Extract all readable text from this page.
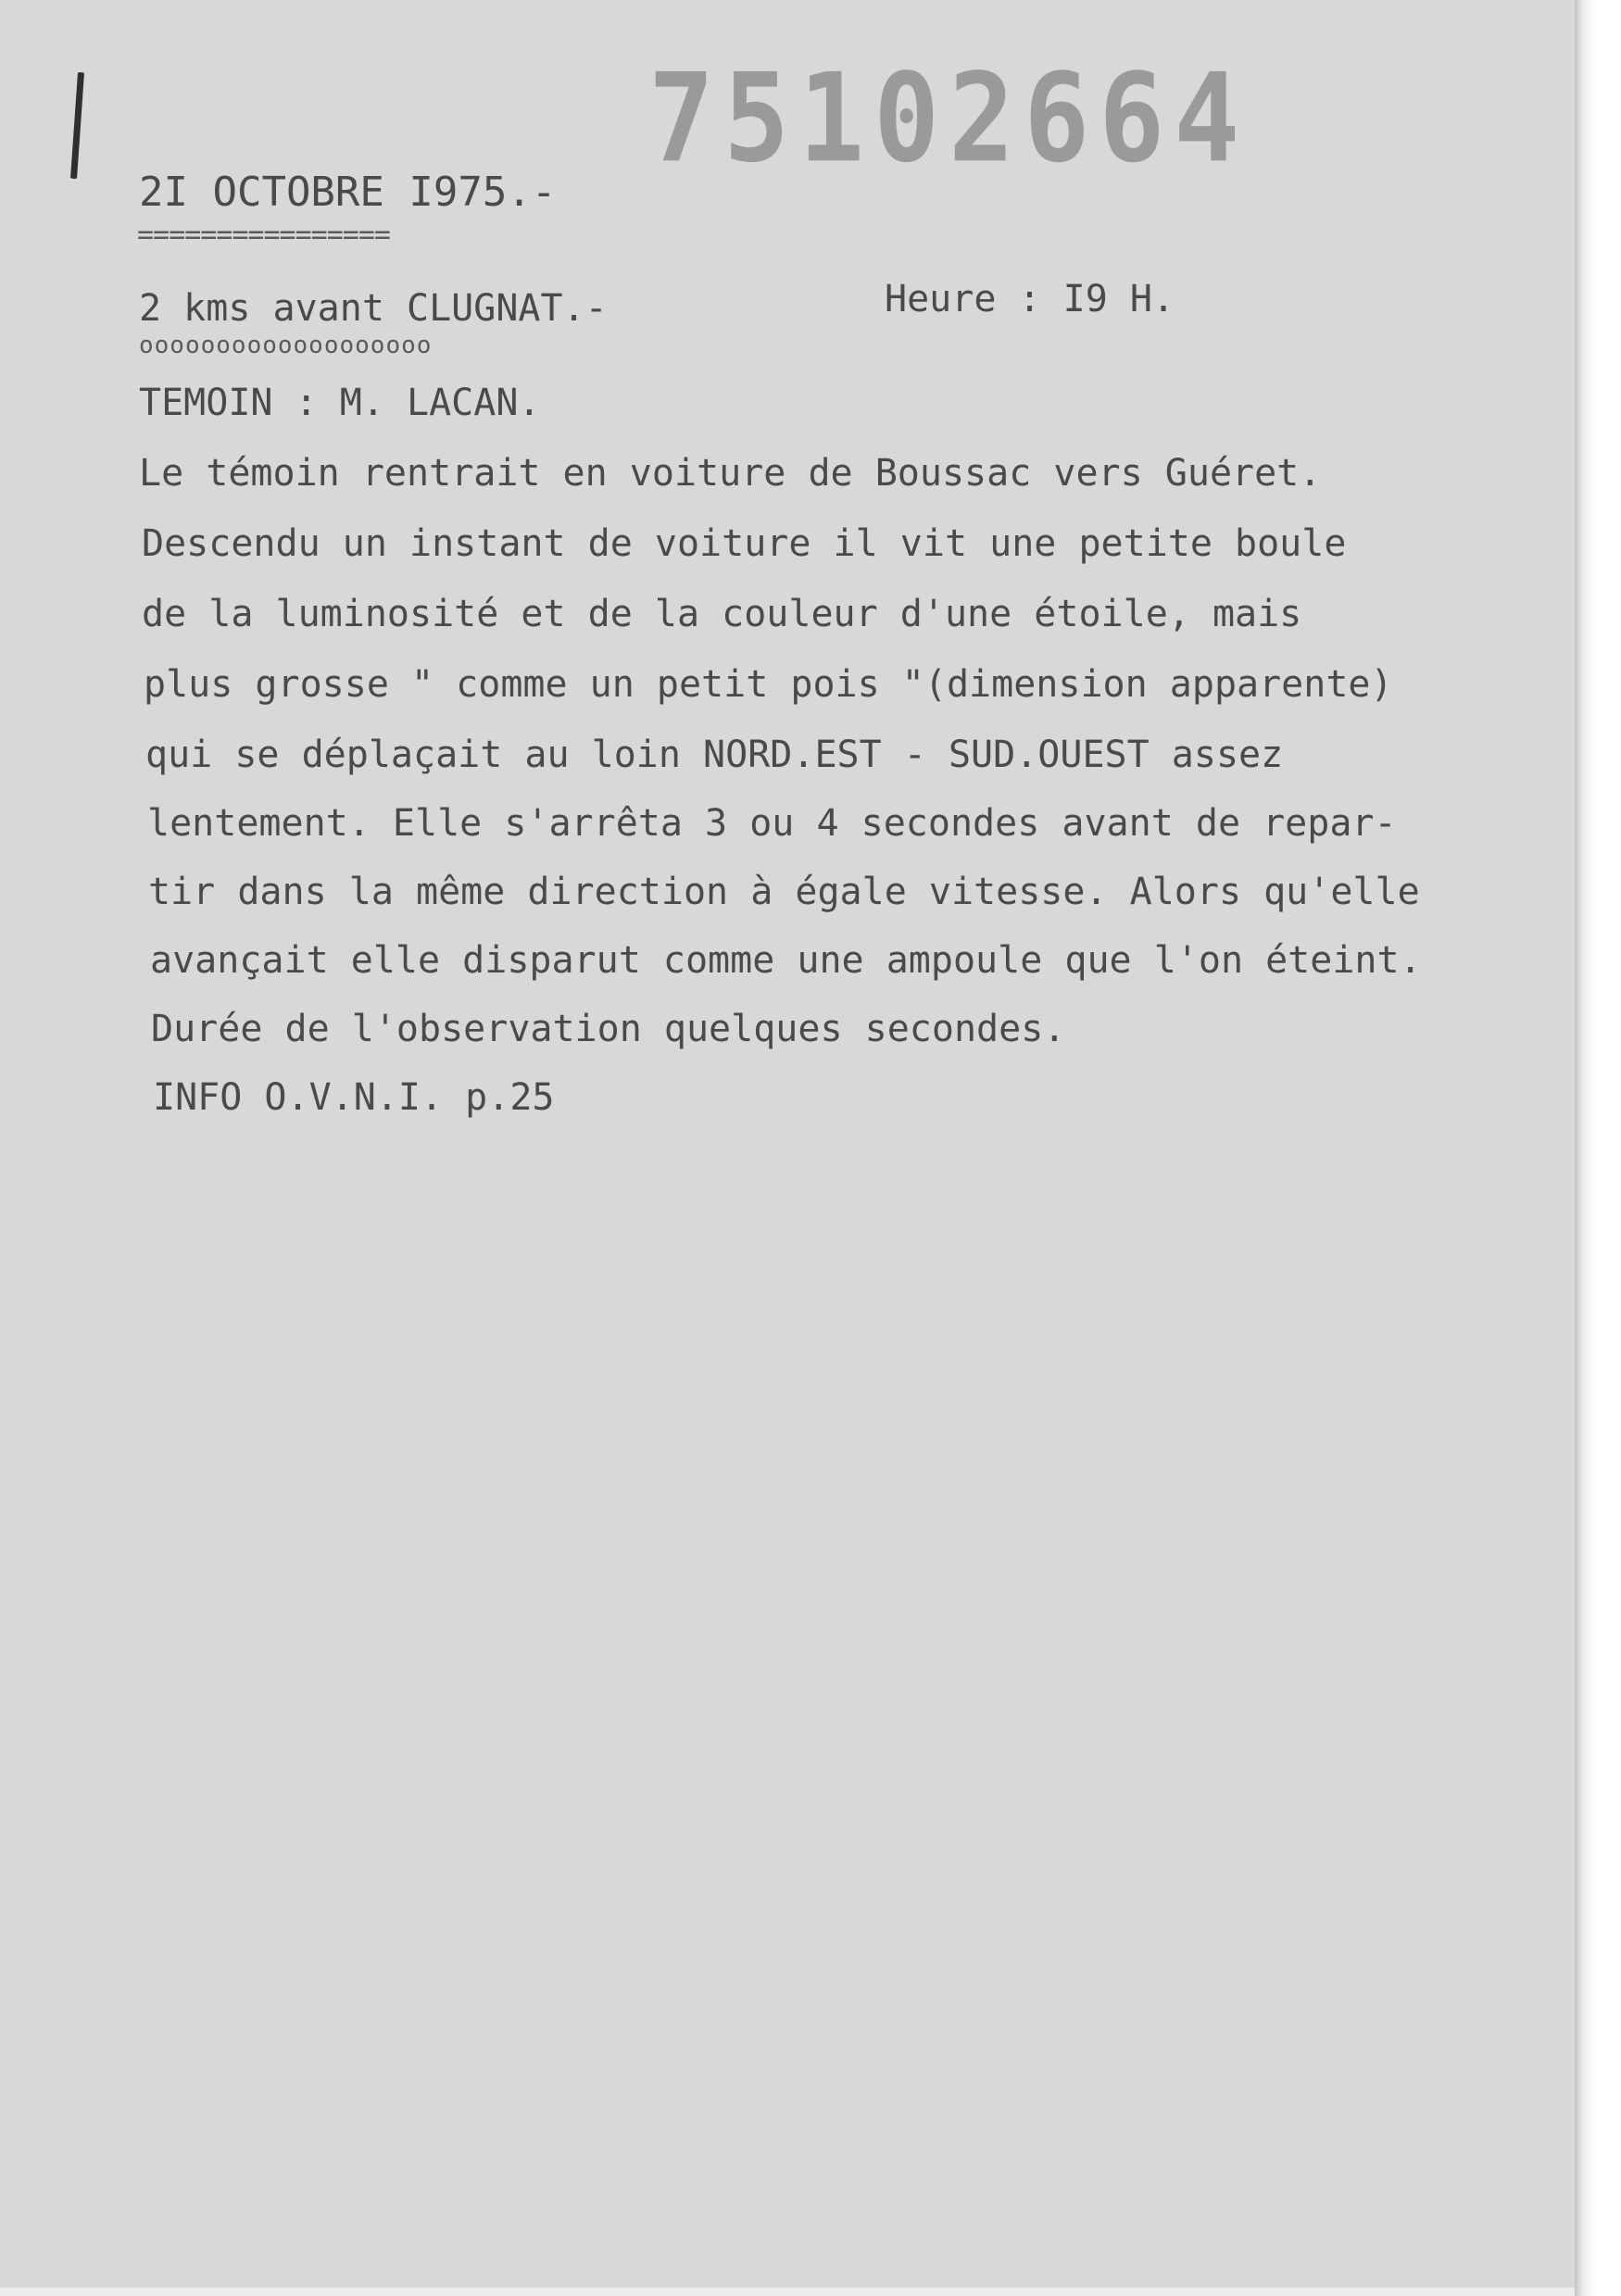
75102664
2I OCTOBRE I975.-
================
2 kms avant CLUGNAT.-	Heure : I9 H.
ooooooooooooooooooo
TEMOIN : M. LACAN.
Le témoin rentrait en voiture de Boussac vers Guéret.
Descendu un instant de voiture il vit une petite boule
de la luminosité et de la couleur d'une étoile, mais
plus grosse " comme un petit pois "(dimension apparente)
qui se déplaçait au loin NORD.EST - SUD.OUEST assez
lentement. Elle s'arrêta 3 ou 4 secondes avant de repar-
tir dans la même direction à égale vitesse. Alors qu'elle
avançait elle disparut comme une ampoule que l'on éteint.
Durée de l'observation quelques secondes.
INFO O.V.N.I. p.25
